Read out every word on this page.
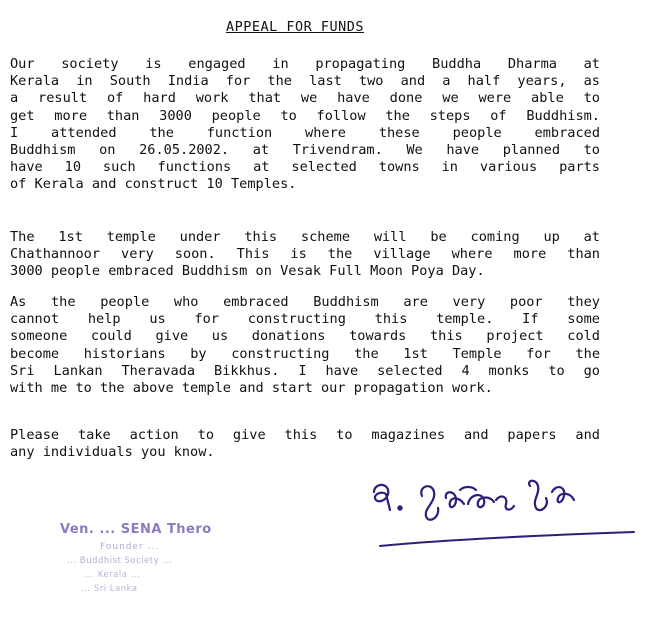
APPEAL FOR FUNDS
Our society is engaged in propagating Buddha Dharma at
Kerala in South India for the last two and a half years, as
a result of hard work that we have done we were able to
get more than 3000 people to follow the steps of Buddhism.
I attended the function where these people embraced
Buddhism on 26.05.2002. at Trivendram. We have planned to
have 10 such functions at selected towns in various parts
of Kerala and construct 10 Temples.
The 1st temple under this scheme will be coming up at
Chathannoor very soon. This is the village where more than
3000 people embraced Buddhism on Vesak Full Moon Poya Day.
As the people who embraced Buddhism are very poor they
cannot help us for constructing this temple. If some
someone could give us donations towards this project cold
become historians by constructing the 1st Temple for the
Sri Lankan Theravada Bikkhus. I have selected 4 monks to go
with me to the above temple and start our propagation work.
Please take action to give this to magazines and papers and
any individuals you know.
Ven. ... SENA Thero
Founder ...
... Buddhist Society ...
... Kerala ...
... Sri Lanka
